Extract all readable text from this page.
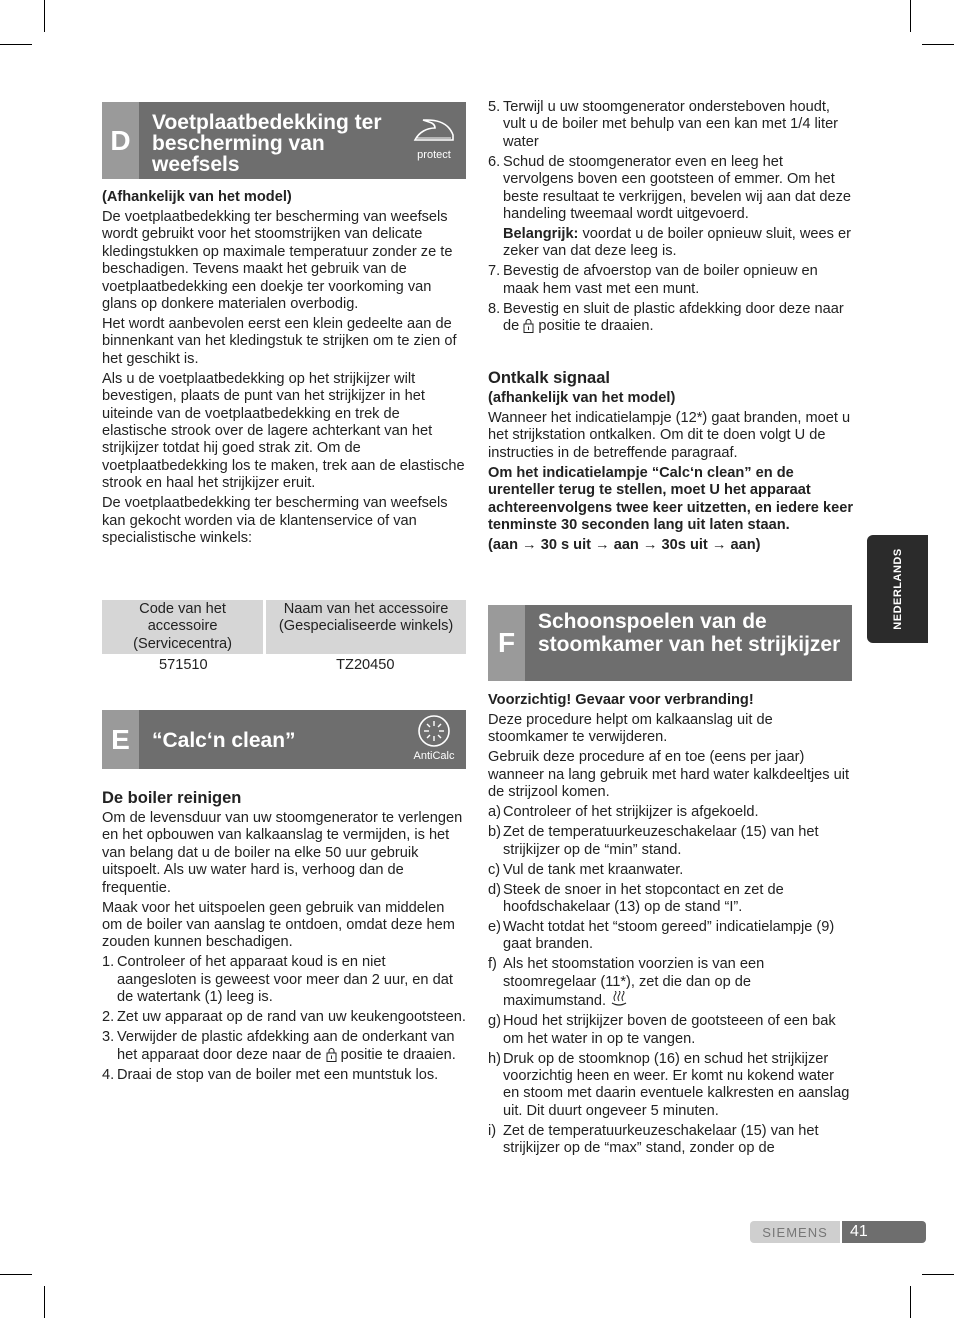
D
Voetplaatbedekking ter bescherming van weefsels	protect

(Afhankelijk van het model)

De voetplaatbedekking ter bescherming van weefsels wordt gebruikt voor het stoomstrijken van delicate kledingstukken op maximale temperatuur zonder ze te beschadigen. Tevens maakt het gebruik van de voetplaatbedekking een doekje ter voorkoming van glans op donkere materialen overbodig.

Het wordt aanbevolen eerst een klein gedeelte aan de binnenkant van het kledingstuk te strijken om te zien of het geschikt is.

Als u de voetplaatbedekking op het strijkijzer wilt bevestigen, plaats de punt van het strijkijzer in het uiteinde van de voetplaatbedekking en trek de elastische strook over de lagere achterkant van het strijkijzer totdat hij goed strak zit. Om de voetplaatbedekking los te maken, trek aan de elastische strook en haal het strijkijzer eruit.

De voetplaatbedekking ter bescherming van weefsels kan gekocht worden via de klantenservice of van specialistische winkels:

Code van het accessoire (Servicecentra)	Naam van het accessoire (Gespecialiseerde winkels)
571510	TZ20450
E	“Calc‘n clean”
AntiCalc

De boiler reinigen

Om de levensduur van uw stoomgenerator te verlengen en het opbouwen van kalkaanslag te vermijden, is het van belang dat u de boiler na elke 50 uur gebruik uitspoelt. Als uw water hard is, verhoog dan de frequentie.

Maak voor het uitspoelen geen gebruik van middelen om de boiler van aanslag te ontdoen, omdat deze hem zouden kunnen beschadigen.

1. Controleer of het apparaat koud is en niet aangesloten is geweest voor meer dan 2 uur, en dat de watertank (1) leeg is.
2. Zet uw apparaat op de rand van uw keukengootsteen.
3. Verwijder de plastic afdekking aan de onderkant van het apparaat door deze naar de positie te draaien.
4. Draai de stop van de boiler met een muntstuk los.
5. Terwijl u uw stoomgenerator ondersteboven houdt, vult u de boiler met behulp van een kan met 1/4 liter water
6. Schud de stoomgenerator even en leeg het vervolgens boven een gootsteen of emmer. Om het beste resultaat te verkrijgen, bevelen wij aan dat deze handeling tweemaal wordt uitgevoerd.
Belangrijk: voordat u de boiler opnieuw sluit, wees er zeker van dat deze leeg is.
7. Bevestig de afvoerstop van de boiler opnieuw en maak hem vast met een munt.
8. Bevestig en sluit de plastic afdekking door deze naar de positie te draaien.

Ontkalk signaal

(afhankelijk van het model)

Wanneer het indicatielampje (12*) gaat branden, moet u het strijkstation ontkalken. Om dit te doen volgt U de instructies in de betreffende paragraaf.

Om het indicatielampje “Calc‘n clean” en de urenteller terug te stellen, moet U het apparaat achtereenvolgens twee keer uitzetten, en iedere keer tenminste 30 seconden lang uit laten staan.

(aan → 30 s uit → aan → 30s uit → aan)

F
Schoonspoelen van de stoomkamer van het strijkijzer

Voorzichtig! Gevaar voor verbranding!

Deze procedure helpt om kalkaanslag uit de stoomkamer te verwijderen.

Gebruik deze procedure af en toe (eens per jaar) wanneer na lang gebruik met hard water kalkdeeltjes uit de strijzool komen.

a) Controleer of het strijkijzer is afgekoeld.
b) Zet de temperatuurkeuzeschakelaar (15) van het strijkijzer op de “min” stand.
c) Vul de tank met kraanwater.
d) Steek de snoer in het stopcontact en zet de hoofdschakelaar (13) op de stand “I”.
e) Wacht totdat het “stoom gereed” indicatielampje (9) gaat branden.
f) Als het stoomstation voorzien is van een stoomregelaar (11*), zet die dan op de maximumstand.
g) Houd het strijkijzer boven de gootsteeen of een bak om het water in op te vangen.
h) Druk op de stoomknop (16) en schud het strijkijzer voorzichtig heen en weer. Er komt nu kokend water en stoom met daarin eventuele kalkresten en aanslag uit. Dit duurt ongeveer 5 minuten.
i) Zet de temperatuurkeuzeschakelaar (15) van het strijkijzer op de “max” stand, zonder op de
NEDERLANDS
SIEMENS	41
